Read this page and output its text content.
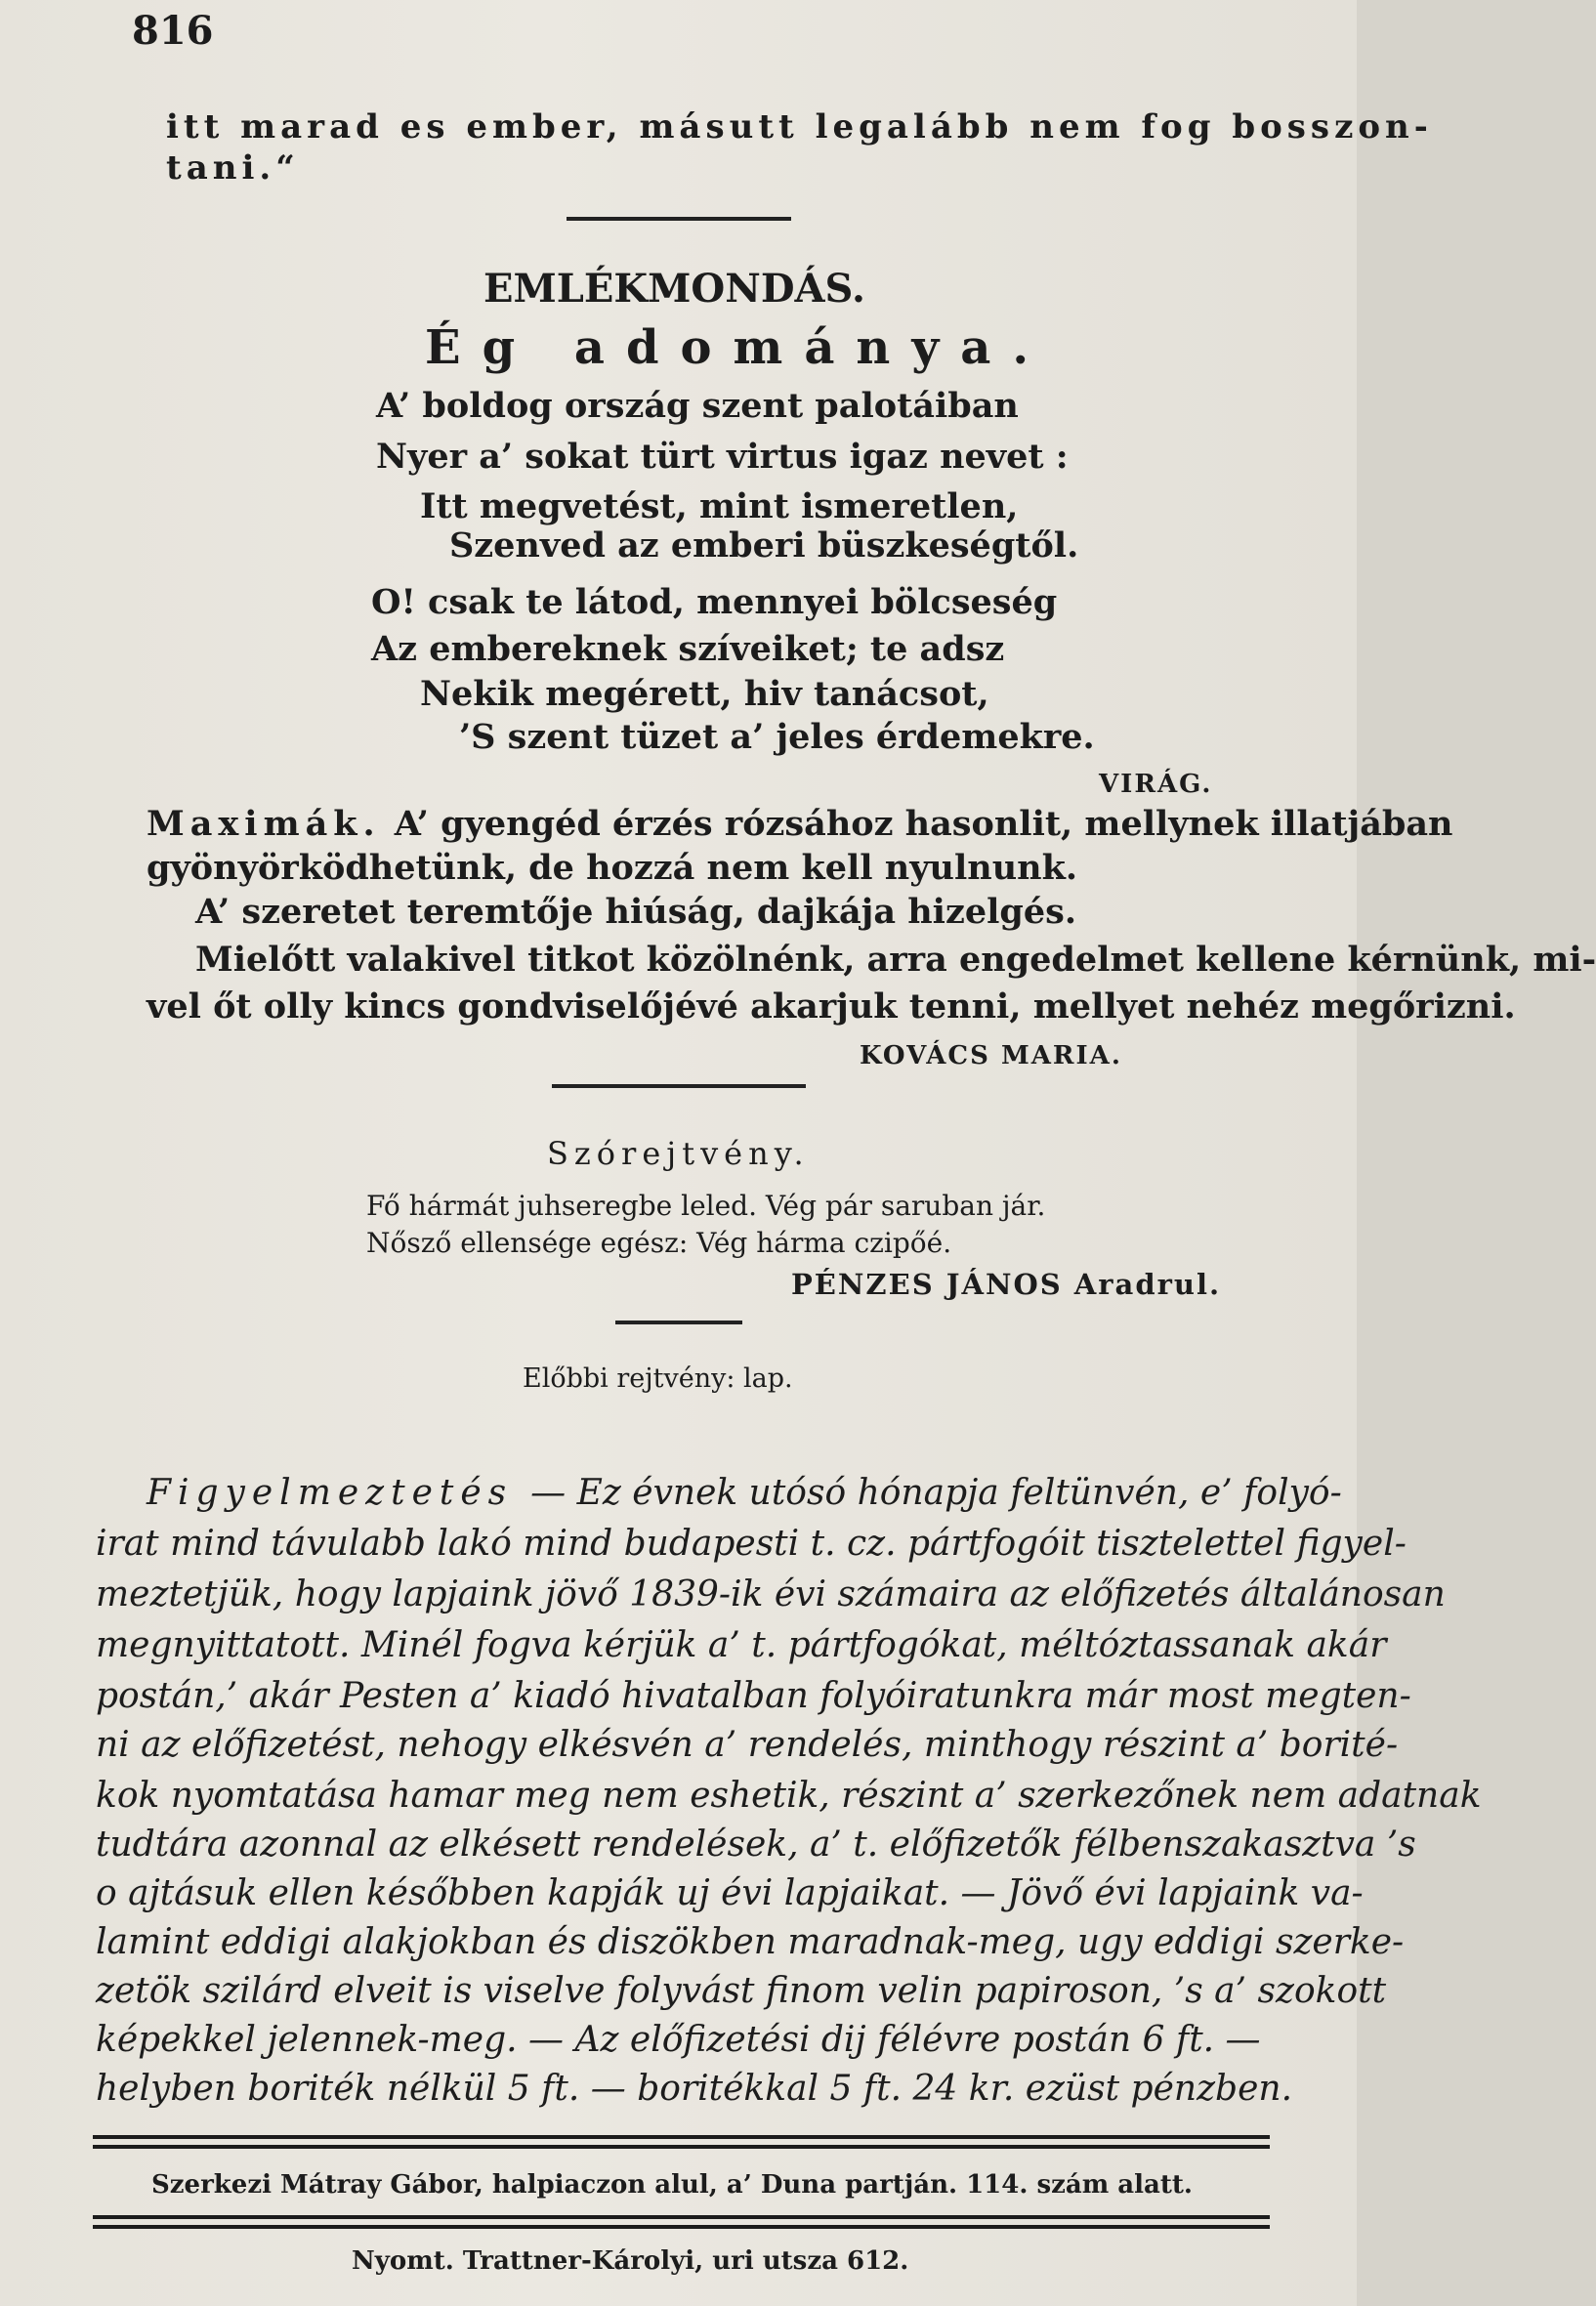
816
itt marad es ember, másutt legalább nem fog bosszon-
tani.“
EMLÉKMONDÁS.
Ég adománya.
A’ boldog ország szent palotáiban
Nyer a’ sokat türt virtus igaz nevet :
Itt megvetést, mint ismeretlen,
Szenved az emberi büszkeségtől.
O! csak te látod, mennyei bölcseség
Az embereknek szíveiket; te adsz
Nekik megérett, hiv tanácsot,
’S szent tüzet a’ jeles érdemekre.
VIRÁG.
Maximák. A’ gyengéd érzés rózsához hasonlit, mellynek illatjában
gyönyörködhetünk, de hozzá nem kell nyulnunk.
A’ szeretet teremtője hiúság, dajkája hizelgés.
Mielőtt valakivel titkot közölnénk, arra engedelmet kellene kérnünk, mi-
vel őt olly kincs gondviselőjévé akarjuk tenni, mellyet nehéz megőrizni.
KOVÁCS MARIA.
Szórejtvény.
Fő hármát juhseregbe leled. Vég pár saruban jár.
Nősző ellensége egész: Vég hárma czipőé.
PÉNZES JÁNOS Aradrul.
Előbbi rejtvény: lap.
Figyelmeztetés — Ez évnek utósó hónapja feltünvén, e’ folyó-
irat mind távulabb lakó mind budapesti t. cz. pártfogóit tisztelettel figyel-
meztetjük, hogy lapjaink jövő 1839-ik évi számaira az előfizetés általánosan
megnyittatott. Minél fogva kérjük a’ t. pártfogókat, méltóztassanak akár
postán,’ akár Pesten a’ kiadó hivatalban folyóiratunkra már most megten-
ni az előfizetést, nehogy elkésvén a’ rendelés, minthogy részint a’ borité-
kok nyomtatása hamar meg nem eshetik, részint a’ szerkezőnek nem adatnak
tudtára azonnal az elkésett rendelések, a’ t. előfizetők félbenszakasztva ’s
o ajtásuk ellen későbben kapják uj évi lapjaikat. — Jövő évi lapjaink va-
lamint eddigi alakjokban és diszökben maradnak-meg, ugy eddigi szerke-
zetök szilárd elveit is viselve folyvást finom velin papiroson, ’s a’ szokott
képekkel jelennek-meg. — Az előfizetési dij félévre postán 6 ft. —
helyben boriték nélkül 5 ft. — boritékkal 5 ft. 24 kr. ezüst pénzben.
Szerkezi Mátray Gábor, halpiaczon alul, a’ Duna partján. 114. szám alatt.
Nyomt. Trattner-Károlyi, uri utsza 612.
